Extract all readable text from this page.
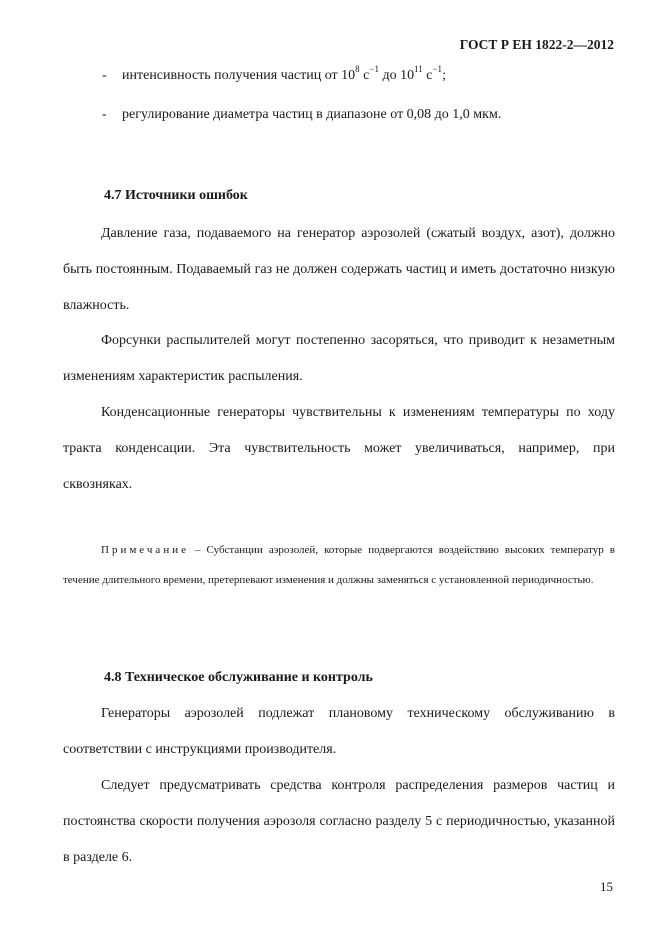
ГОСТ Р ЕН 1822-2—2012
- интенсивность получения частиц от $10^8$ $с^{-1}$ до $10^{11}$ $с^{-1}$;
- регулирование диаметра частиц в диапазоне от 0,08 до 1,0 мкм.
4.7 Источники ошибок

Давление газа, подаваемого на генератор аэрозолей (сжатый воздух, азот), должно быть постоянным. Подаваемый газ не должен содержать частиц и иметь достаточно низкую влажность.

Форсунки распылителей могут постепенно засоряться, что приводит к незаметным изменениям характеристик распыления.

Конденсационные генераторы чувствительны к изменениям температуры по ходу тракта конденсации. Эта чувствительность может увеличиваться, например, при сквозняках.

Примечание – Субстанции аэрозолей, которые подвергаются воздействию высоких температур в течение длительного времени, претерпевают изменения и должны заменяться с установленной периодичностью.

4.8 Техническое обслуживание и контроль

Генераторы аэрозолей подлежат плановому техническому обслуживанию в соответствии с инструкциями производителя.

Следует предусматривать средства контроля распределения размеров частиц и постоянства скорости получения аэрозоля согласно разделу 5 с периодичностью, указанной в разделе 6.

15
